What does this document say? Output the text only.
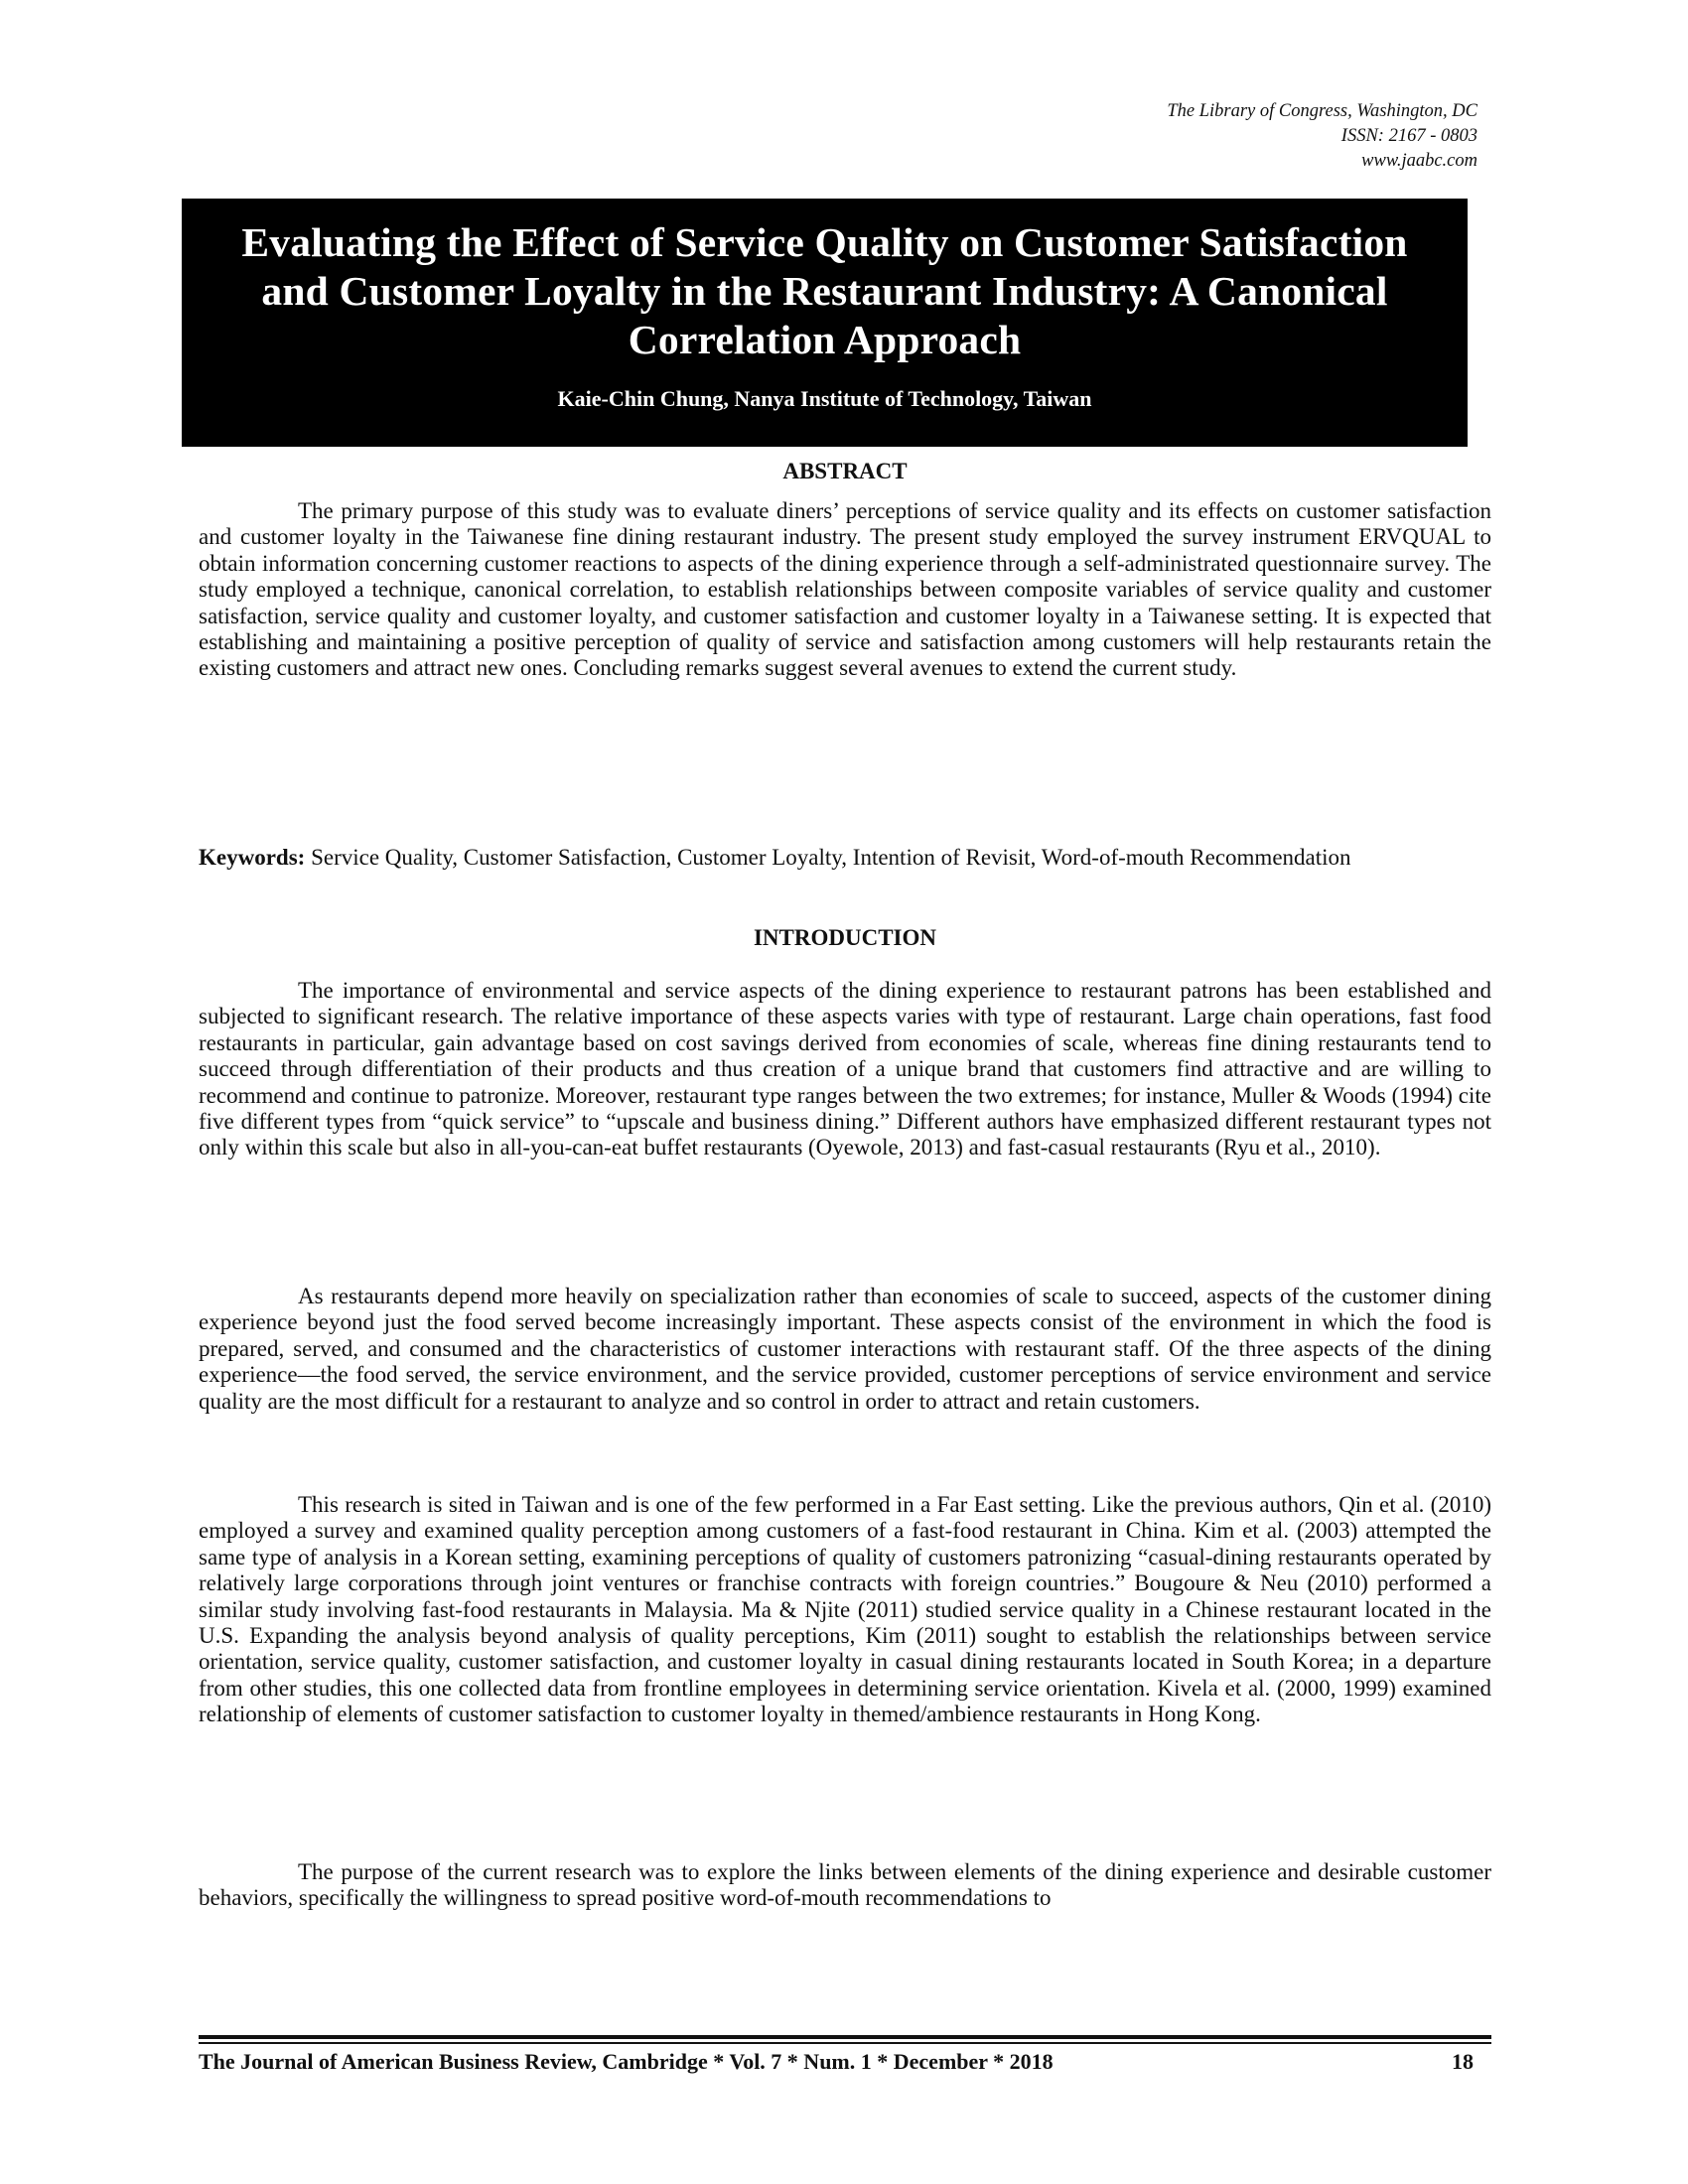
The Library of Congress, Washington, DC
ISSN: 2167 - 0803
www.jaabc.com
Evaluating the Effect of Service Quality on Customer Satisfaction and Customer Loyalty in the Restaurant Industry: A Canonical Correlation Approach
Kaie-Chin Chung, Nanya Institute of Technology, Taiwan
ABSTRACT

The primary purpose of this study was to evaluate diners’ perceptions of service quality and its effects on customer satisfaction and customer loyalty in the Taiwanese fine dining restaurant industry. The present study employed the survey instrument ERVQUAL to obtain information concerning customer reactions to aspects of the dining experience through a self-administrated questionnaire survey. The study employed a technique, canonical correlation, to establish relationships between composite variables of service quality and customer satisfaction, service quality and customer loyalty, and customer satisfaction and customer loyalty in a Taiwanese setting. It is expected that establishing and maintaining a positive perception of quality of service and satisfaction among customers will help restaurants retain the existing customers and attract new ones. Concluding remarks suggest several avenues to extend the current study.

Keywords: Service Quality, Customer Satisfaction, Customer Loyalty, Intention of Revisit, Word-of-mouth Recommendation

INTRODUCTION

The importance of environmental and service aspects of the dining experience to restaurant patrons has been established and subjected to significant research. The relative importance of these aspects varies with type of restaurant. Large chain operations, fast food restaurants in particular, gain advantage based on cost savings derived from economies of scale, whereas fine dining restaurants tend to succeed through differentiation of their products and thus creation of a unique brand that customers find attractive and are willing to recommend and continue to patronize. Moreover, restaurant type ranges between the two extremes; for instance, Muller & Woods (1994) cite five different types from “quick service” to “upscale and business dining.” Different authors have emphasized different restaurant types not only within this scale but also in all-you-can-eat buffet restaurants (Oyewole, 2013) and fast-casual restaurants (Ryu et al., 2010).

As restaurants depend more heavily on specialization rather than economies of scale to succeed, aspects of the customer dining experience beyond just the food served become increasingly important. These aspects consist of the environment in which the food is prepared, served, and consumed and the characteristics of customer interactions with restaurant staff. Of the three aspects of the dining experience—the food served, the service environment, and the service provided, customer perceptions of service environment and service quality are the most difficult for a restaurant to analyze and so control in order to attract and retain customers.

This research is sited in Taiwan and is one of the few performed in a Far East setting. Like the previous authors, Qin et al. (2010) employed a survey and examined quality perception among customers of a fast-food restaurant in China. Kim et al. (2003) attempted the same type of analysis in a Korean setting, examining perceptions of quality of customers patronizing “casual-dining restaurants operated by relatively large corporations through joint ventures or franchise contracts with foreign countries.” Bougoure & Neu (2010) performed a similar study involving fast-food restaurants in Malaysia. Ma & Njite (2011) studied service quality in a Chinese restaurant located in the U.S. Expanding the analysis beyond analysis of quality perceptions, Kim (2011) sought to establish the relationships between service orientation, service quality, customer satisfaction, and customer loyalty in casual dining restaurants located in South Korea; in a departure from other studies, this one collected data from frontline employees in determining service orientation. Kivela et al. (2000, 1999) examined relationship of elements of customer satisfaction to customer loyalty in themed/ambience restaurants in Hong Kong.

The purpose of the current research was to explore the links between elements of the dining experience and desirable customer behaviors, specifically the willingness to spread positive word-of-mouth recommendations to

The Journal of American Business Review, Cambridge * Vol. 7 * Num. 1 * December * 2018	18
